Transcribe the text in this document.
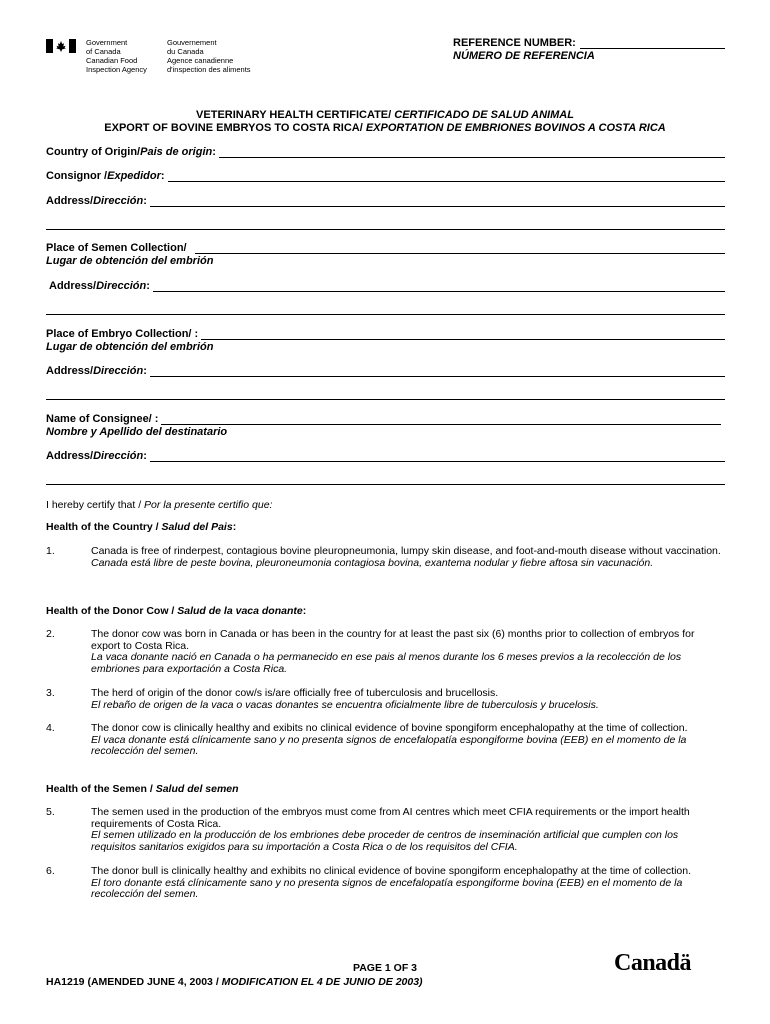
Government
of Canada
Gouvernement
du Canada
Canadian Food
Inspection Agency
Agence canadienne
d'inspection des aliments
REFERENCE NUMBER:
NÚMERO DE REFERENCIA
VETERINARY HEALTH CERTIFICATE/ CERTIFICADO DE SALUD ANIMAL
EXPORT OF BOVINE EMBRYOS TO COSTA RICA/ EXPORTATION DE EMBRIONES BOVINOS A COSTA RICA
Country of Origin/ Pais de origin :
Consignor / Expedidor :
Address/ Dirección :
Place of Semen Collection/
Lugar de obtención del embrión
Address/ Dirección :
Place of Embryo Collection/ :
Lugar de obtención del embrión
Address/ Dirección :
Name of Consignee/ :
Nombre y Apellido del destinatario
Address/ Dirección :
I hereby certify that / Por la presente certifio que:
Health of the Country / Salud del Pais:
1.	Canada is free of rinderpest, contagious bovine pleuropneumonia, lumpy skin disease, and foot-and-mouth disease without vaccination.
Canada está libre de peste bovina, pleuroneumonia contagiosa bovina, exantema nodular y fiebre aftosa sin vacunación.
Health of the Donor Cow / Salud de la vaca donante:
2.	The donor cow was born in Canada or has been in the country for at least the past six (6) months prior to collection of embryos for export to Costa Rica.
La vaca donante nació en Canada o ha permanecido en ese pais al menos durante los 6 meses previos a la recolección de los embriones para exportación a Costa Rica.
3.	The herd of origin of the donor cow/s is/are officially free of tuberculosis and brucellosis.
El rebaño de origen de la vaca o vacas donantes se encuentra oficialmente libre de tuberculosis y brucelosis.
4.	The donor cow is clinically healthy and exibits no clinical evidence of bovine spongiform encephalopathy at the time of collection.
El vaca donante está clínicamente sano y no presenta signos de encefalopatía espongiforme bovina (EEB) en el momento de la recolección del semen.
Health of the Semen / Salud del semen
5.	The semen used in the production of the embryos must come from AI centres which meet CFIA requirements or the import health requirements of Costa Rica.
El semen utilizado en la producción de los embriones debe proceder de centros de inseminación artificial que cumplen con los requisitos sanitarios exigidos para su importación a Costa Rica o de los requisitos del CFIA.
6.	The donor bull is clinically healthy and exhibits no clinical evidence of bovine spongiform encephalopathy at the time of collection.
El toro donante está clínicamente sano y no presenta signos de encefalopatía espongiforme bovina (EEB) en el momento de la recolección del semen.
PAGE 1 OF 3
HA1219 (AMENDED JUNE 4, 2003 / MODIFICATION EL 4 DE JUNIO DE 2003)
Canadä
